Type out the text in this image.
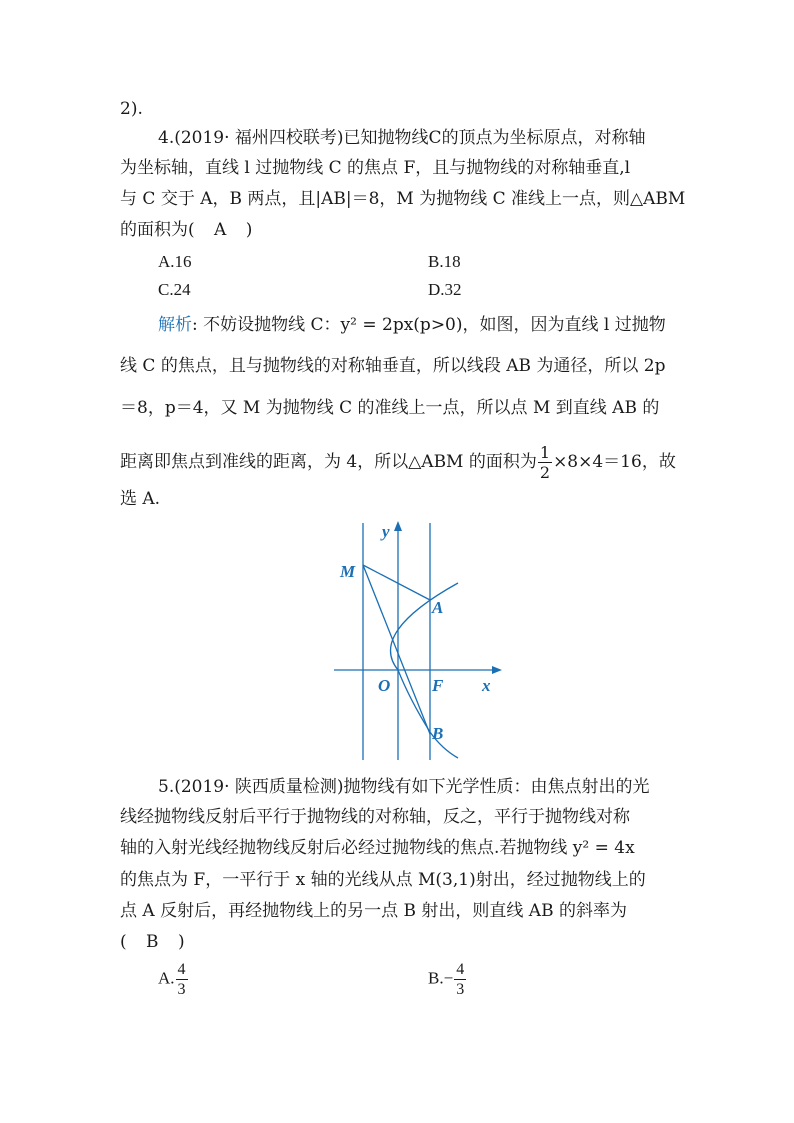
2).
4.(2019· 福州四校联考)已知抛物线C的顶点为坐标原点，对称轴
为坐标轴，直线 l 过抛物线 C 的焦点 F，且与抛物线的对称轴垂直,l
与 C 交于 A，B 两点，且|AB|＝8，M 为抛物线 C 准线上一点，则△ABM
的面积为( A )
A.16	B.18
C.24	D.32
解析: 不妨设抛物线 C：y² = 2px(p>0)，如图，因为直线 l 过抛物
线 C 的焦点，且与抛物线的对称轴垂直，所以线段 AB 为通径，所以 2p
＝8，p＝4，又 M 为抛物线 C 的准线上一点，所以点 M 到直线 AB 的
距离即焦点到准线的距离，为 4，所以△ABM 的面积为 $\frac{1}{2} \times 8\times 4=16$，故
选 A.
y
x
M
A
O F
B
5.(2019· 陕西质量检测)抛物线有如下光学性质：由焦点射出的光
线经抛物线反射后平行于抛物线的对称轴，反之，平行于抛物线对称
轴的入射光线经抛物线反射后必经过抛物线的焦点.若抛物线 y² = 4x
的焦点为 F，一平行于 x 轴的光线从点 M(3,1)射出，经过抛物线上的
点 A 反射后，再经抛物线上的另一点 B 射出，则直线 AB 的斜率为
( B )
A. $\frac{4}{3}$	$B.- \frac{4}{3}$
